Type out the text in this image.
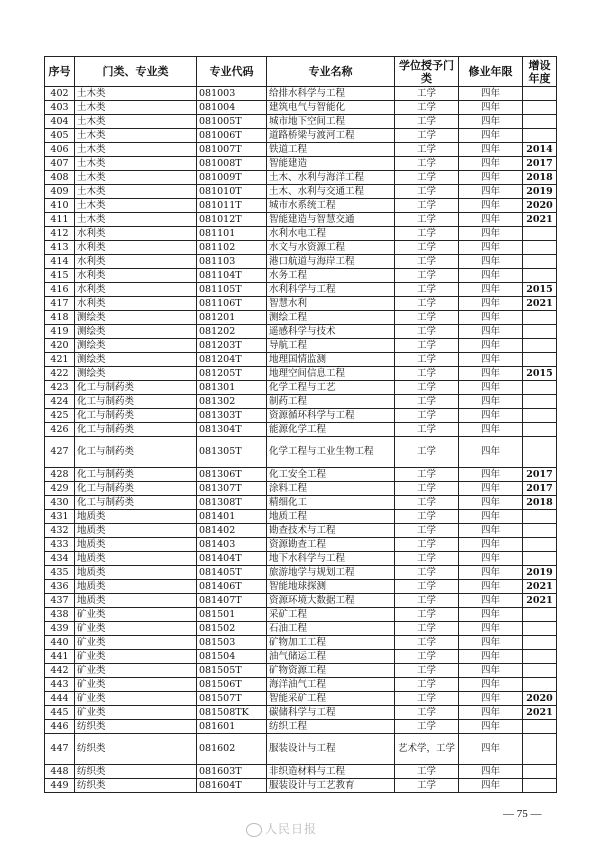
序号	门类、专业类	专业代码	专业名称	学位授予门类	修业年限	增设年度
402	土木类	081003	给排水科学与工程	工学	四年	
403	土木类	081004	建筑电气与智能化	工学	四年	
404	土木类	081005T	城市地下空间工程	工学	四年	
405	土木类	081006T	道路桥梁与渡河工程	工学	四年	
406	土木类	081007T	铁道工程	工学	四年	2014
407	土木类	081008T	智能建造	工学	四年	2017
408	土木类	081009T	土木、水利与海洋工程	工学	四年	2018
409	土木类	081010T	土木、水利与交通工程	工学	四年	2019
410	土木类	081011T	城市水系统工程	工学	四年	2020
411	土木类	081012T	智能建造与智慧交通	工学	四年	2021
412	水利类	081101	水利水电工程	工学	四年	
413	水利类	081102	水文与水资源工程	工学	四年	
414	水利类	081103	港口航道与海岸工程	工学	四年	
415	水利类	081104T	水务工程	工学	四年	
416	水利类	081105T	水利科学与工程	工学	四年	2015
417	水利类	081106T	智慧水利	工学	四年	2021
418	测绘类	081201	测绘工程	工学	四年	
419	测绘类	081202	遥感科学与技术	工学	四年	
420	测绘类	081203T	导航工程	工学	四年	
421	测绘类	081204T	地理国情监测	工学	四年	
422	测绘类	081205T	地理空间信息工程	工学	四年	2015
423	化工与制药类	081301	化学工程与工艺	工学	四年	
424	化工与制药类	081302	制药工程	工学	四年	
425	化工与制药类	081303T	资源循环科学与工程	工学	四年	
426	化工与制药类	081304T	能源化学工程	工学	四年	
427	化工与制药类	081305T	化学工程与工业生物工程	工学	四年	
428	化工与制药类	081306T	化工安全工程	工学	四年	2017
429	化工与制药类	081307T	涂料工程	工学	四年	2017
430	化工与制药类	081308T	精细化工	工学	四年	2018
431	地质类	081401	地质工程	工学	四年	
432	地质类	081402	勘查技术与工程	工学	四年	
433	地质类	081403	资源勘查工程	工学	四年	
434	地质类	081404T	地下水科学与工程	工学	四年	
435	地质类	081405T	旅游地学与规划工程	工学	四年	2019
436	地质类	081406T	智能地球探测	工学	四年	2021
437	地质类	081407T	资源环境大数据工程	工学	四年	2021
438	矿业类	081501	采矿工程	工学	四年	
439	矿业类	081502	石油工程	工学	四年	
440	矿业类	081503	矿物加工工程	工学	四年	
441	矿业类	081504	油气储运工程	工学	四年	
442	矿业类	081505T	矿物资源工程	工学	四年	
443	矿业类	081506T	海洋油气工程	工学	四年	
444	矿业类	081507T	智能采矿工程	工学	四年	2020
445	矿业类	081508TK	碳储科学与工程	工学	四年	2021
446	纺织类	081601	纺织工程	工学	四年	
447	纺织类	081602	服装设计与工程	艺术学，工学	四年	
448	纺织类	081603T	非织造材料与工程	工学	四年	
449	纺织类	081604T	服装设计与工艺教育	工学	四年	
人民日报
— 75 —
